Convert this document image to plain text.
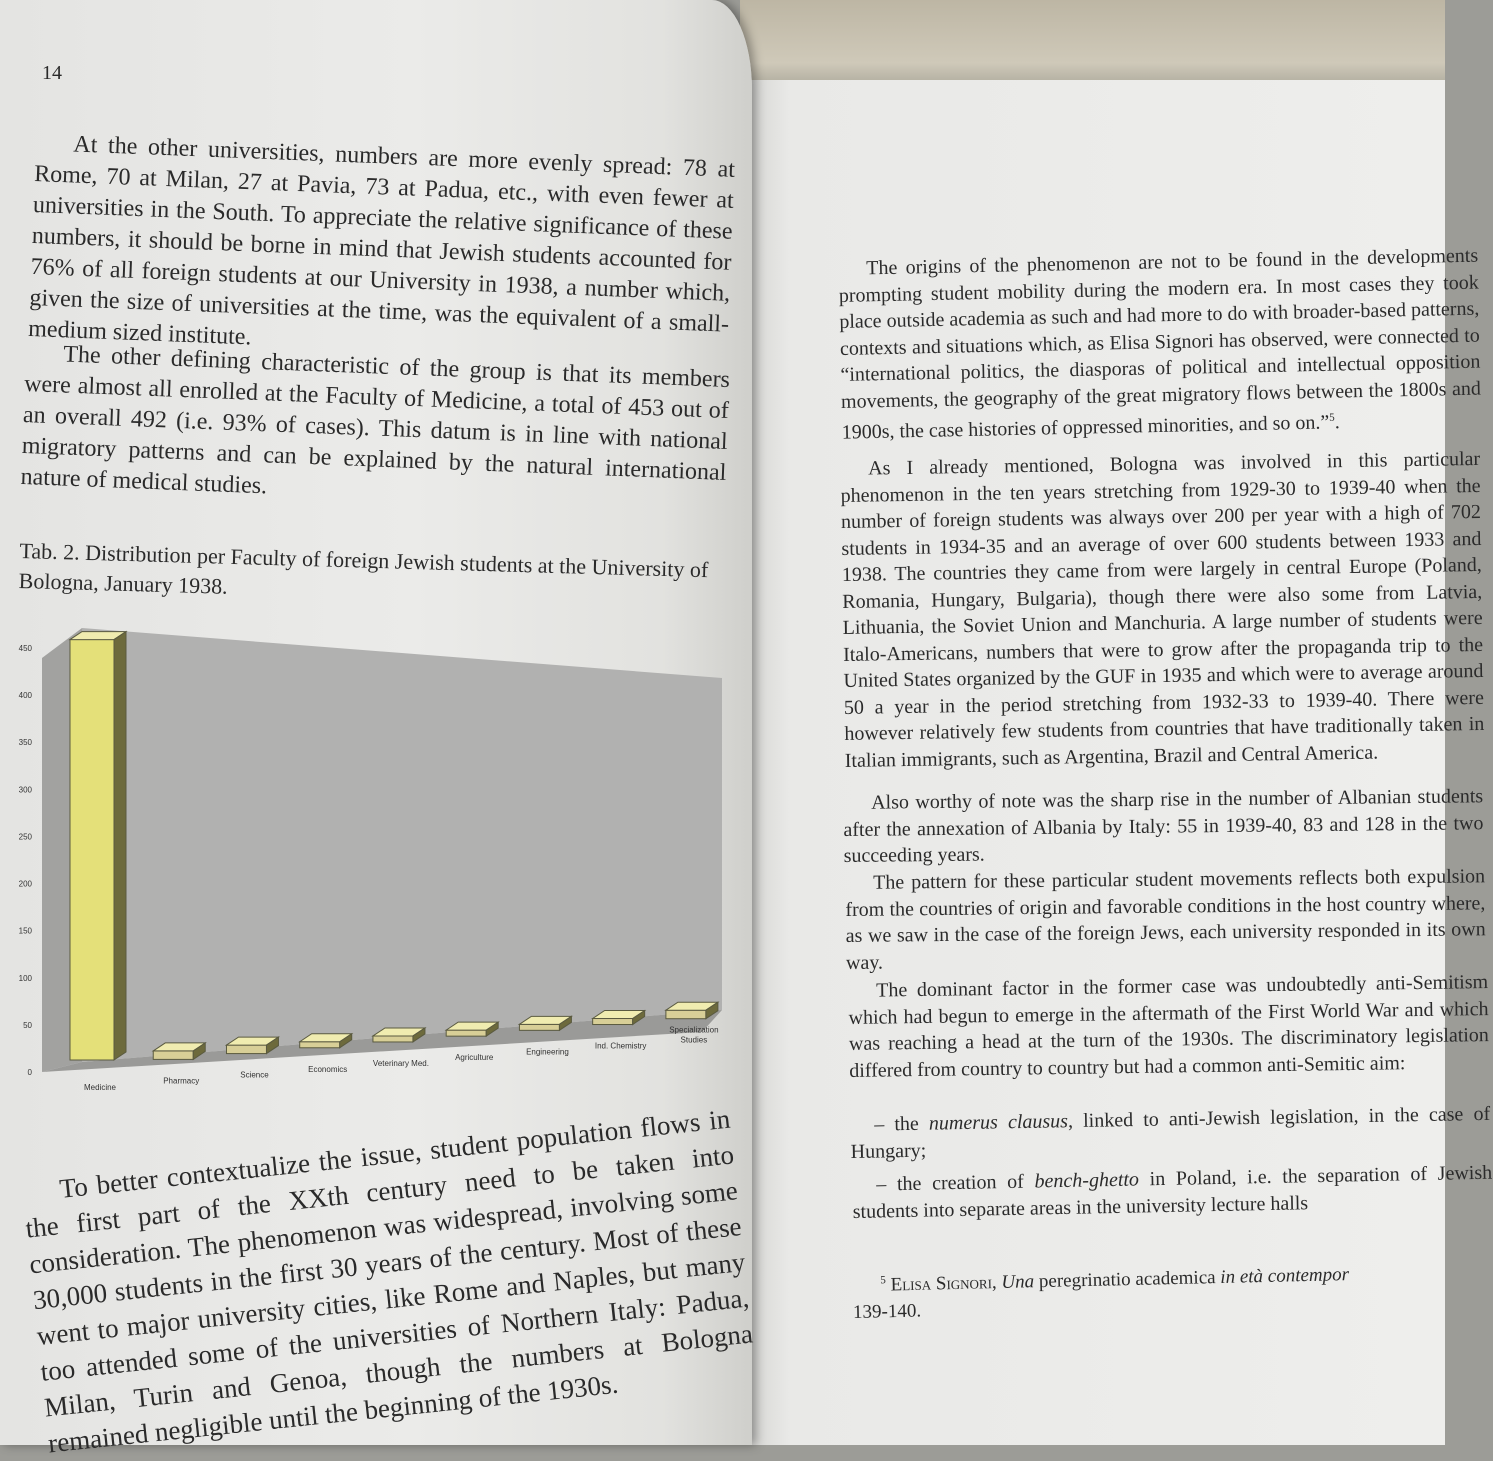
The origins of the phenomenon are not to be found in the developments prompting student mobility during the modern era. In most cases they took place outside academia as such and had more to do with broader-based patterns, contexts and situations which, as Elisa Signori has observed, were connected to “international politics, the diasporas of political and intellectual opposition movements, the geography of the great migratory flows between the 1800s and 1900s, the case histories of oppressed minorities, and so on.”$^5$.

As I already mentioned, Bologna was involved in this particular phenomenon in the ten years stretching from 1929-30 to 1939-40 when the number of foreign students was always over 200 per year with a high of 702 students in 1934-35 and an average of over 600 students between 1933 and 1938. The countries they came from were largely in central Europe (Poland, Romania, Hungary, Bulgaria), though there were also some from Latvia, Lithuania, the Soviet Union and Manchuria. A large number of students were Italo-Americans, numbers that were to grow after the propaganda trip to the United States organized by the GUF in 1935 and which were to average around 50 a year in the period stretching from 1932-33 to 1939-40. There were however relatively few students from countries that have traditionally taken in Italian immigrants, such as Argentina, Brazil and Central America.

Also worthy of note was the sharp rise in the number of Albanian students after the annexation of Albania by Italy: 55 in 1939-40, 83 and 128 in the two succeeding years.

The pattern for these particular student movements reflects both expulsion from the countries of origin and favorable conditions in the host country where, as we saw in the case of the foreign Jews, each university responded in its own way.

The dominant factor in the former case was undoubtedly anti-Semitism which had begun to emerge in the aftermath of the First World War and which was reaching a head at the turn of the 1930s. The discriminatory legislation differed from country to country but had a common anti-Semitic aim:

– the numerus clausus, linked to anti-Jewish legislation, in the case of Hungary;

– the creation of bench-ghetto in Poland, i.e. the separation of Jewish students into separate areas in the university lecture halls

$^5$ Elisa Signori, Una peregrinatio academica in età contempor
139-140.

14

At the other universities, numbers are more evenly spread: 78 at Rome, 70 at Milan, 27 at Pavia, 73 at Padua, etc., with even fewer at universities in the South. To appreciate the relative significance of these numbers, it should be borne in mind that Jewish students accounted for 76% of all foreign students at our University in 1938, a number which, given the size of universities at the time, was the equivalent of a small-medium sized institute.

The other defining characteristic of the group is that its members were almost all enrolled at the Faculty of Medicine, a total of 453 out of an overall 492 (i.e. 93% of cases). This datum is in line with national migratory patterns and can be explained by the natural international nature of medical studies.

Tab. 2. Distribution per Faculty of foreign Jewish students at the University of Bologna, January 1938.

0
50
100
150
200
250
300
350
400
450
Medicine
Pharmacy
Science
Economics
Veterinary Med.
Agriculture
Engineering
Ind. Chemistry
Specialization Studies

To better contextualize the issue, student population flows in the first part of the XXth century need to be taken into consideration. The phenomenon was widespread, involving some 30,000 students in the first 30 years of the century. Most of these went to major university cities, like Rome and Naples, but many too attended some of the universities of Northern Italy: Padua, Milan, Turin and Genoa, though the numbers at Bologna remained negligible until the beginning of the 1930s.
